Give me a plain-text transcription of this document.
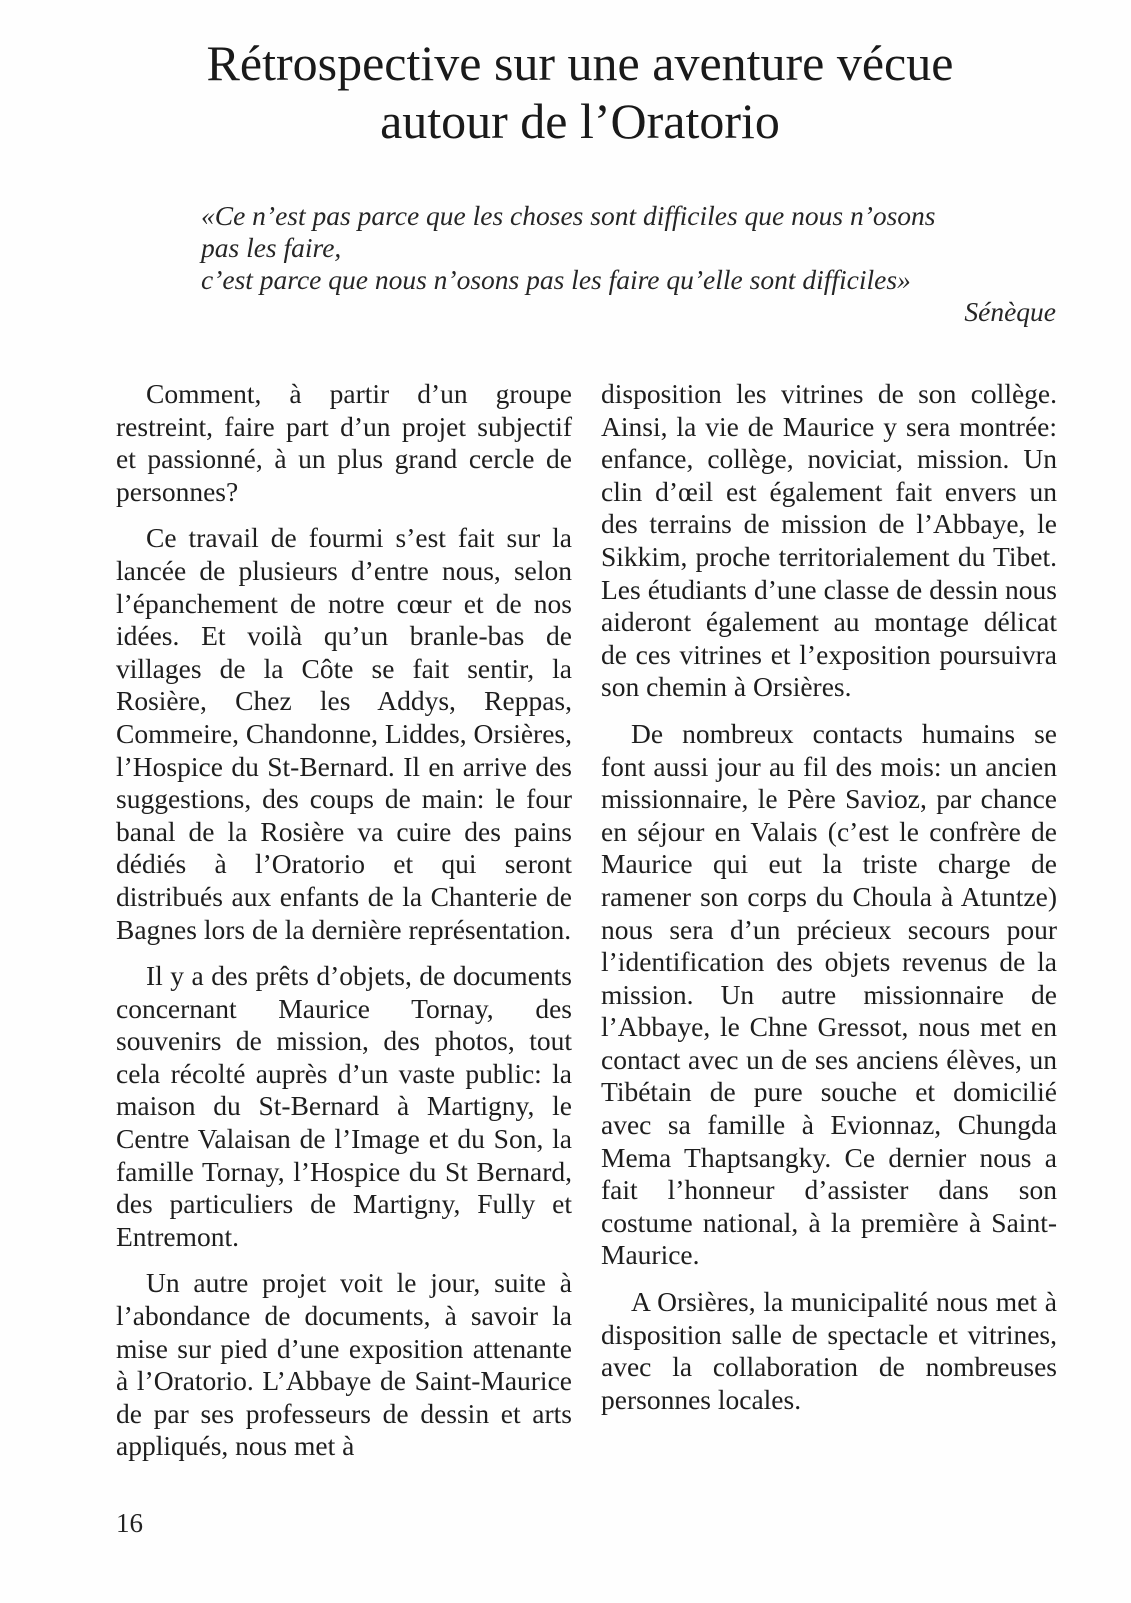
Rétrospective sur une aventure vécue
autour de l’Oratorio
«Ce n’est pas parce que les choses sont difficiles que nous n’osons
pas les faire,
c’est parce que nous n’osons pas les faire qu’elle sont difficiles»
Sénèque

Comment, à partir d’un groupe restreint, faire part d’un projet subjectif et passionné, à un plus grand cercle de personnes?

Ce travail de fourmi s’est fait sur la lancée de plusieurs d’entre nous, selon l’épanchement de notre cœur et de nos idées. Et voilà qu’un branle-bas de villages de la Côte se fait sentir, la Rosière, Chez les Addys, Reppas, Commeire, Chandonne, Liddes, Orsières, l’Hospice du St-Bernard. Il en arrive des suggestions, des coups de main: le four banal de la Rosière va cuire des pains dédiés à l’Oratorio et qui seront distribués aux enfants de la Chanterie de Bagnes lors de la dernière représentation.

Il y a des prêts d’objets, de documents concernant Maurice Tornay, des souvenirs de mission, des photos, tout cela récolté auprès d’un vaste public: la maison du St-Bernard à Martigny, le Centre Valaisan de l’Image et du Son, la famille Tornay, l’Hospice du St Bernard, des particuliers de Martigny, Fully et Entremont.

Un autre projet voit le jour, suite à l’abondance de documents, à savoir la mise sur pied d’une exposition attenante à l’Oratorio. L’Abbaye de Saint-Maurice de par ses professeurs de dessin et arts appliqués, nous met à

disposition les vitrines de son collège. Ainsi, la vie de Maurice y sera montrée: enfance, collège, noviciat, mission. Un clin d’œil est également fait envers un des terrains de mission de l’Abbaye, le Sikkim, proche territorialement du Tibet. Les étudiants d’une classe de dessin nous aideront également au montage délicat de ces vitrines et l’exposition poursuivra son chemin à Orsières.

De nombreux contacts humains se font aussi jour au fil des mois: un ancien missionnaire, le Père Savioz, par chance en séjour en Valais (c’est le confrère de Maurice qui eut la triste charge de ramener son corps du Choula à Atuntze) nous sera d’un précieux secours pour l’identification des objets revenus de la mission. Un autre missionnaire de l’Abbaye, le Chne Gressot, nous met en contact avec un de ses anciens élèves, un Tibétain de pure souche et domicilié avec sa famille à Evionnaz, Chungda Mema Thaptsangky. Ce dernier nous a fait l’honneur d’assister dans son costume national, à la première à Saint-Maurice.

A Orsières, la municipalité nous met à disposition salle de spectacle et vitrines, avec la collaboration de nombreuses personnes locales.

16
